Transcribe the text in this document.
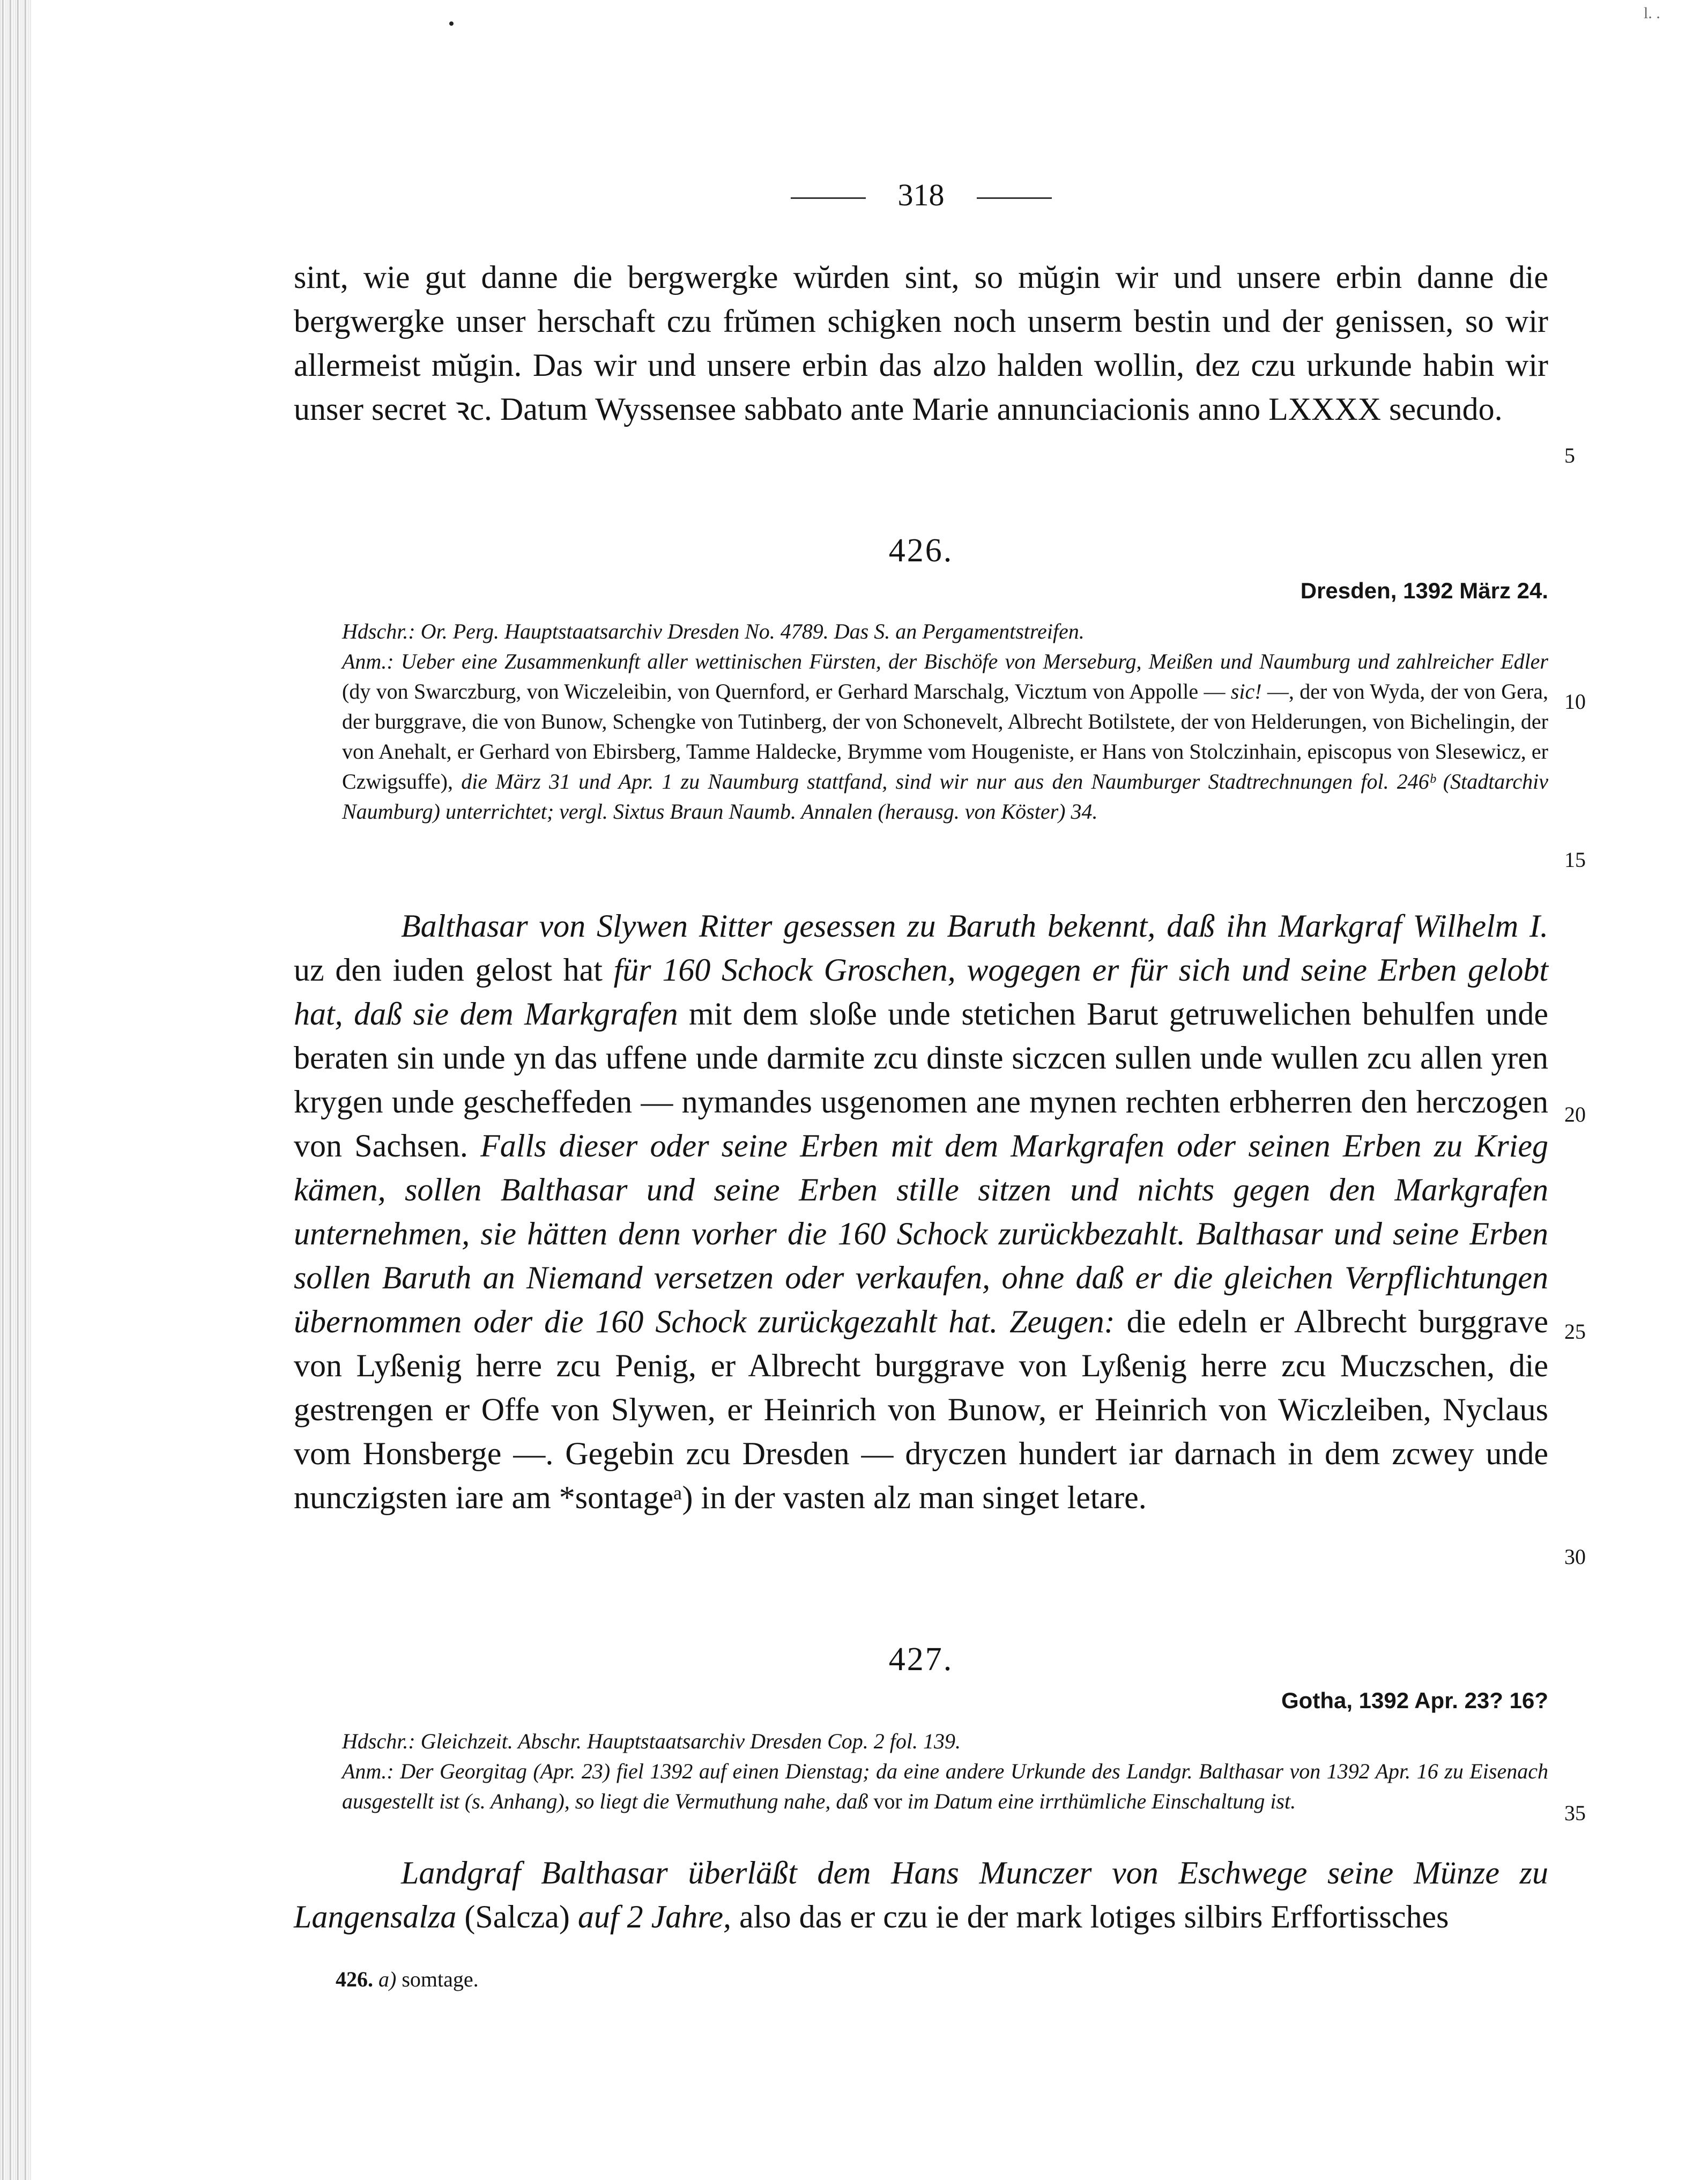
l. .
318
sint, wie gut danne die bergwergke wŭrden sint, so mŭgin wir und unsere erbin danne die bergwergke unser herschaft czu frŭmen schigken noch unserm bestin und der genissen, so wir allermeist mŭgin. Das wir und unsere erbin das alzo halden wollin, dez czu urkunde habin wir unser secret ꝛc. Datum Wyssensee sabbato ante Marie annunciacionis anno LXXXX secundo.
5
10
15
20
25
30
35
426.
Dresden, 1392 März 24.

Hdschr.: Or. Perg. Hauptstaatsarchiv Dresden No. 4789. Das S. an Pergamentstreifen.

Anm.: Ueber eine Zusammenkunft aller wettinischen Fürsten, der Bischöfe von Merseburg, Meißen und Naumburg und zahlreicher Edler (dy von Swarczburg, von Wiczeleibin, von Quernford, er Gerhard Marschalg, Vicztum von Appolle — sic! —, der von Wyda, der von Gera, der burggrave, die von Bunow, Schengke von Tutinberg, der von Schonevelt, Albrecht Botilstete, der von Helderungen, von Bichelingin, der von Anehalt, er Gerhard von Ebirsberg, Tamme Haldecke, Brymme vom Hougeniste, er Hans von Stolczinhain, episcopus von Slesewicz, er Czwigsuffe), die März 31 und Apr. 1 zu Naumburg stattfand, sind wir nur aus den Naumburger Stadtrechnungen fol. 246ᵇ (Stadtarchiv Naumburg) unterrichtet; vergl. Sixtus Braun Naumb. Annalen (herausg. von Köster) 34.

Balthasar von Slywen Ritter gesessen zu Baruth bekennt, daß ihn Markgraf Wilhelm I. uz den iuden gelost hat für 160 Schock Groschen, wogegen er für sich und seine Erben gelobt hat, daß sie dem Markgrafen mit dem sloße unde stetichen Barut getruwelichen behulfen unde beraten sin unde yn das uffene unde darmite zcu dinste siczcen sullen unde wullen zcu allen yren krygen unde gescheffeden — nymandes usgenomen ane mynen rechten erbherren den herczogen von Sachsen. Falls dieser oder seine Erben mit dem Markgrafen oder seinen Erben zu Krieg kämen, sollen Balthasar und seine Erben stille sitzen und nichts gegen den Markgrafen unternehmen, sie hätten denn vorher die 160 Schock zurückbezahlt. Balthasar und seine Erben sollen Baruth an Niemand versetzen oder verkaufen, ohne daß er die gleichen Verpflichtungen übernommen oder die 160 Schock zurückgezahlt hat. Zeugen: die edeln er Albrecht burggrave von Lyßenig herre zcu Penig, er Albrecht burggrave von Lyßenig herre zcu Muczschen, die gestrengen er Offe von Slywen, er Heinrich von Bunow, er Heinrich von Wiczleiben, Nyclaus vom Honsberge —. Gegebin zcu Dresden — dryczen hundert iar darnach in dem zcwey unde nunczigsten iare am *sontageᵃ) in der vasten alz man singet letare.
427.
Gotha, 1392 Apr. 23? 16?

Hdschr.: Gleichzeit. Abschr. Hauptstaatsarchiv Dresden Cop. 2 fol. 139.

Anm.: Der Georgitag (Apr. 23) fiel 1392 auf einen Dienstag; da eine andere Urkunde des Landgr. Balthasar von 1392 Apr. 16 zu Eisenach ausgestellt ist (s. Anhang), so liegt die Vermuthung nahe, daß vor im Datum eine irrthümliche Einschaltung ist.

Landgraf Balthasar überläßt dem Hans Munczer von Eschwege seine Münze zu Langensalza (Salcza) auf 2 Jahre, also das er czu ie der mark lotiges silbirs Erffortissches
426. a) somtage.
